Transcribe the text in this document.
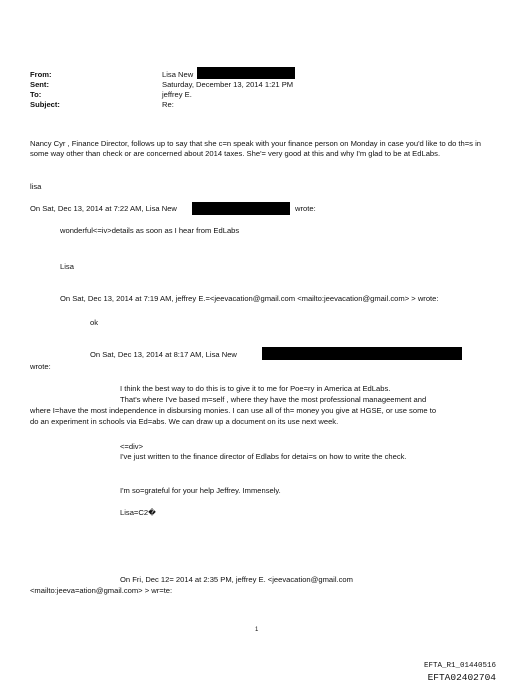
From:	Lisa New
Sent:	Saturday, December 13, 2014 1:21 PM
To:	jeffrey E.
Subject:	Re:
Nancy Cyr , Finance Director, follows up to say that she c=n speak with your finance person on Monday in case you'd like to do th=s in some way other than check or are concerned about 2014 taxes. She'= very good at this and why I'm glad to be at EdLabs.
lisa
On Sat, Dec 13, 2014 at 7:22 AM, Lisa New	wrote:
wonderful<=iv>details as soon as I hear from EdLabs
Lisa
On Sat, Dec 13, 2014 at 7:19 AM, jeffrey E.=<jeevacation@gmail.com <mailto:jeevacation@gmail.com> > wrote:
ok
On Sat, Dec 13, 2014 at 8:17 AM, Lisa New
wrote:
I think the best way to do this is to give it to me for Poe=ry in America at EdLabs.
That's where I've based m=self , where they have the most professional manageement and
where I=have the most independence in disbursing monies. I can use all of th= money you give at HGSE, or use some to
do an experiment in schools via Ed=abs. We can draw up a document on its use next week.
<=div>
I've just written to the finance director of Edlabs for detai=s on how to write the check.
I'm so=grateful for your help Jeffrey. Immensely.
Lisa=C2�
On Fri, Dec 12= 2014 at 2:35 PM, jeffrey E. <jeevacation@gmail.com
<mailto:jeeva=ation@gmail.com> > wr=te:
1
EFTA_R1_01440516
EFTA02402704
